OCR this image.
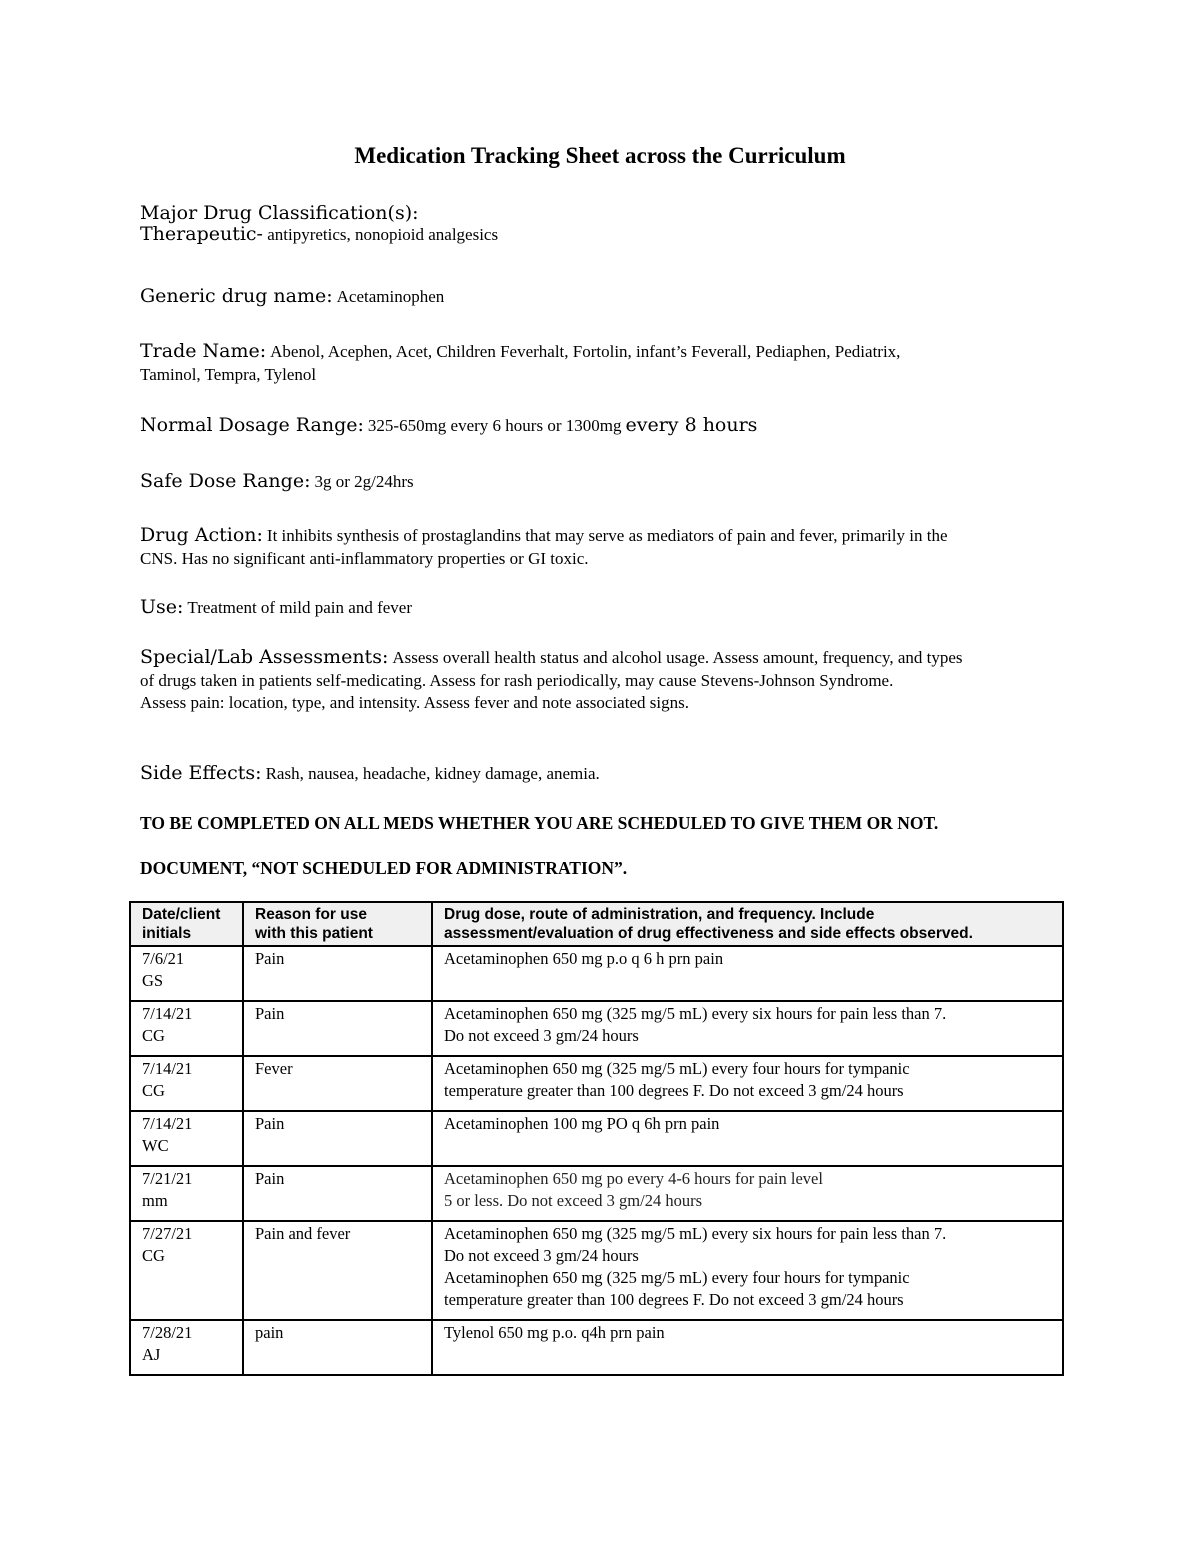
Medication Tracking Sheet across the Curriculum
Major Drug Classification(s):
Therapeutic- antipyretics, nonopioid analgesics
Generic drug name: Acetaminophen
Trade Name: Abenol, Acephen, Acet, Children Feverhalt, Fortolin, infant’s Feverall, Pediaphen, Pediatrix,
Taminol, Tempra, Tylenol
Normal Dosage Range: 325-650mg every 6 hours or 1300mg every 8 hours
Safe Dose Range: 3g or 2g/24hrs
Drug Action: It inhibits synthesis of prostaglandins that may serve as mediators of pain and fever, primarily in the
CNS. Has no significant anti-inflammatory properties or GI toxic.
Use: Treatment of mild pain and fever
Special/Lab Assessments: Assess overall health status and alcohol usage. Assess amount, frequency, and types
of drugs taken in patients self-medicating. Assess for rash periodically, may cause Stevens-Johnson Syndrome.
Assess pain: location, type, and intensity. Assess fever and note associated signs.
Side Effects: Rash, nausea, headache, kidney damage, anemia.
TO BE COMPLETED ON ALL MEDS WHETHER YOU ARE SCHEDULED TO GIVE THEM OR NOT.
DOCUMENT, “NOT SCHEDULED FOR ADMINISTRATION”.
Date/client
initials	Reason for use
with this patient	Drug dose, route of administration, and frequency. Include
assessment/evaluation of drug effectiveness and side effects observed.

7/6/21
GS	Pain	Acetaminophen 650 mg p.o q 6 h prn pain

7/14/21
CG	Pain	Acetaminophen 650 mg (325 mg/5 mL) every six hours for pain less than 7.
Do not exceed 3 gm/24 hours

7/14/21
CG	Fever	Acetaminophen 650 mg (325 mg/5 mL) every four hours for tympanic
temperature greater than 100 degrees F. Do not exceed 3 gm/24 hours

7/14/21
WC	Pain	Acetaminophen 100 mg PO q 6h prn pain

7/21/21
mm	Pain	Acetaminophen 650 mg po every 4-6 hours for pain level
5 or less. Do not exceed 3 gm/24 hours

7/27/21
CG	Pain and fever	Acetaminophen 650 mg (325 mg/5 mL) every six hours for pain less than 7.
Do not exceed 3 gm/24 hours
Acetaminophen 650 mg (325 mg/5 mL) every four hours for tympanic
temperature greater than 100 degrees F. Do not exceed 3 gm/24 hours

7/28/21
AJ	pain	Tylenol 650 mg p.o. q4h prn pain
